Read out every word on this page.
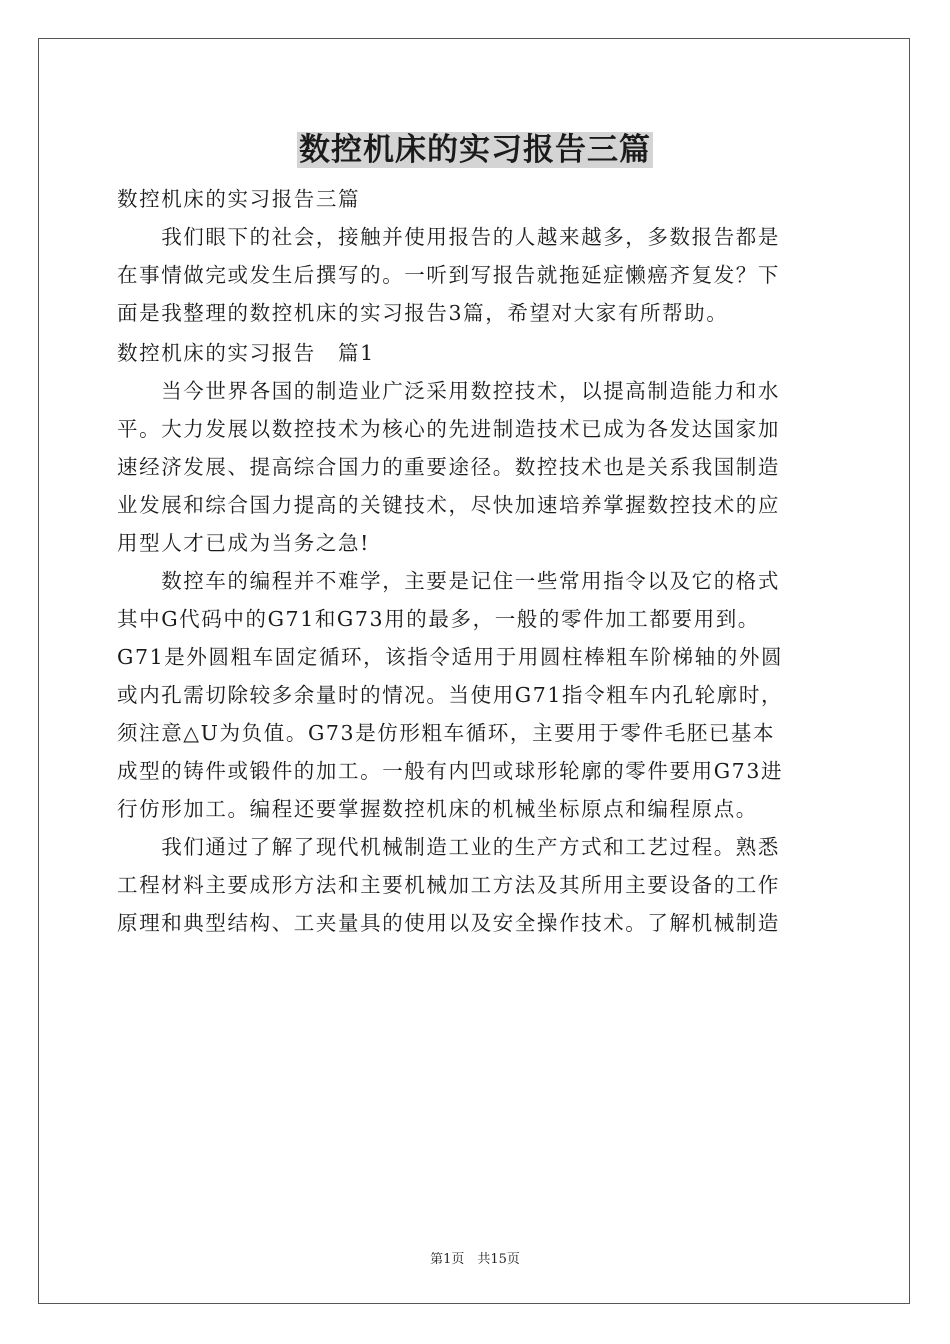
数控机床的实习报告三篇
数控机床的实习报告三篇
　　我们眼下的社会，接触并使用报告的人越来越多，多数报告都是
在事情做完或发生后撰写的。一听到写报告就拖延症懒癌齐复发？下
面是我整理的数控机床的实习报告3篇，希望对大家有所帮助。
数控机床的实习报告　篇1
　　当今世界各国的制造业广泛采用数控技术，以提高制造能力和水
平。大力发展以数控技术为核心的先进制造技术已成为各发达国家加
速经济发展、提高综合国力的重要途径。数控技术也是关系我国制造
业发展和综合国力提高的关键技术，尽快加速培养掌握数控技术的应
用型人才已成为当务之急!
　　数控车的编程并不难学，主要是记住一些常用指令以及它的格式
其中G代码中的G71和G73用的最多，一般的零件加工都要用到。
G71是外圆粗车固定循环，该指令适用于用圆柱棒粗车阶梯轴的外圆
或内孔需切除较多余量时的情况。当使用G71指令粗车内孔轮廓时，
须注意△U为负值。G73是仿形粗车循环，主要用于零件毛胚已基本
成型的铸件或锻件的加工。一般有内凹或球形轮廓的零件要用G73进
行仿形加工。编程还要掌握数控机床的机械坐标原点和编程原点。
　　我们通过了解了现代机械制造工业的生产方式和工艺过程。熟悉
工程材料主要成形方法和主要机械加工方法及其所用主要设备的工作
原理和典型结构、工夹量具的使用以及安全操作技术。了解机械制造
第1页　共15页
